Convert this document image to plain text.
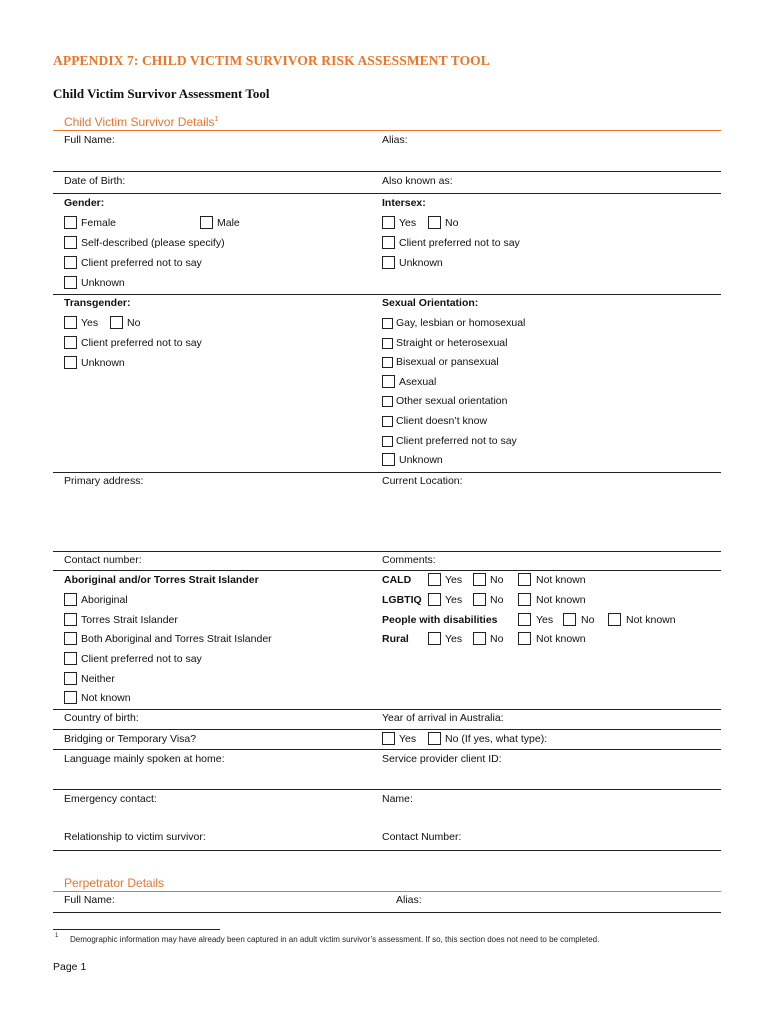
APPENDIX 7: CHILD VICTIM SURVIVOR RISK ASSESSMENT TOOL
Child Victim Survivor Assessment Tool
Child Victim Survivor Details$^1$
Full Name:	Alias:
Date of Birth:	Also known as:
Gender:
Female	Male
Self-described (please specify)
Client preferred not to say
Unknown
Intersex:
Yes	No
Client preferred not to say
Unknown
Transgender:
Yes	No
Client preferred not to say
Unknown
Sexual Orientation:
Gay, lesbian or homosexual
Straight or heterosexual
Bisexual or pansexual
Asexual
Other sexual orientation
Client doesn’t know
Client preferred not to say
Unknown
Primary address:	Current Location:
Contact number:	Comments:
Aboriginal and/or Torres Strait Islander
Aboriginal
Torres Strait Islander
Both Aboriginal and Torres Strait Islander
Client preferred not to say
Neither
Not known
CALD	Yes	No	Not known
LGBTIQ Yes	No	Not known
People with disabilities	Yes	No	Not known
Rural	Yes	No	Not known
Country of birth:	Year of arrival in Australia:
Bridging or Temporary Visa?	Yes	No (If yes, what type):
Language mainly spoken at home:	Service provider client ID:
Emergency contact:	Name:
Relationship to victim survivor:	Contact Number:
Perpetrator Details
Full Name:	Alias:
1 Demographic information may have already been captured in an adult victim survivor’s assessment. If so, this section does not need to be completed.
Page 1
